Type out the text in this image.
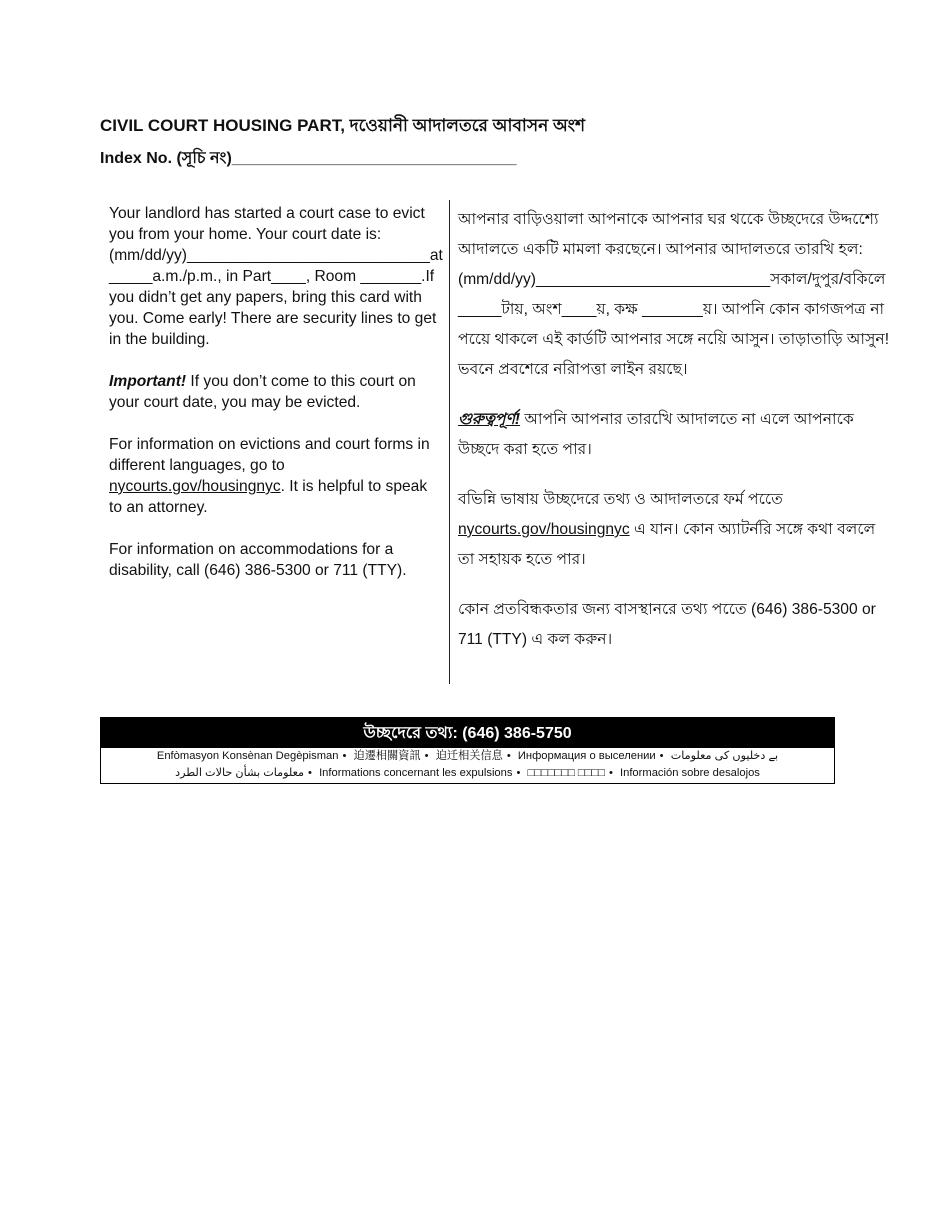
CIVIL COURT HOUSING PART, দওেয়ানী আদালতরে আবাসন অংশ
Index No. (সূচি নং)________________________________

Your landlord has started a court case to evict you from your home. Your court date is: (mm/dd/yy)____________________________at _____a.m./p.m., in Part____, Room _______.If you didn’t get any papers, bring this card with you. Come early! There are security lines to get in the building.

Important! If you don’t come to this court on your court date, you may be evicted.

For information on evictions and court forms in different languages, go to nycourts.gov/housingnyc. It is helpful to speak to an attorney.

For information on accommodations for a disability, call (646) 386-5300 or 711 (TTY).

আপনার বাড়িওয়ালা আপনাকে আপনার ঘর থকেে উচ্ছদেরে উদ্দশ্যেে আদালতে একটি মামলা করছেনে। আপনার আদালতরে তারখি হল:
(mm/dd/yy)___________________________সকাল/দুপুর/বকিলে _____টায়, অংশ____য়, কক্ষ _______য়। আপনি কোন কাগজপত্র না পয়েে থাকলে এই কার্ডটি আপনার সঙ্গে নয়িে আসুন। তাড়াতাড়ি আসুন! ভবনে প্রবশেরে নরিাপত্তা লাইন রয়ছে।

গুরুত্বপূর্ণ! আপনি আপনার তারখিে আদালতে না এলে আপনাকে উচ্ছদে করা হতে পার।

বভিন্নি ভাষায় উচ্ছদেরে তথ্য ও আদালতরে ফর্ম পতেে nycourts.gov/housingnyc এ যান। কোন অ্যাটর্নরি সঙ্গে কথা বললে তা সহায়ক হতে পার।

কোন প্রতবিন্ধকতার জন্য বাসস্থানরে তথ্য পতেে (646) 386-5300 or 711 (TTY) এ কল করুন।

উচ্ছদেরে তথ্য: (646) 386-5750
Enfòmasyon Konsènan Degèpisman • 迫遷相關資訊 • 迫迁相关信息 • Информация о выселении • بے دخلیوں کی معلومات
معلومات بشأن حالات الطرد • Informations concernant les expulsions • □□□□□□□ □□□□ • Información sobre desalojos
